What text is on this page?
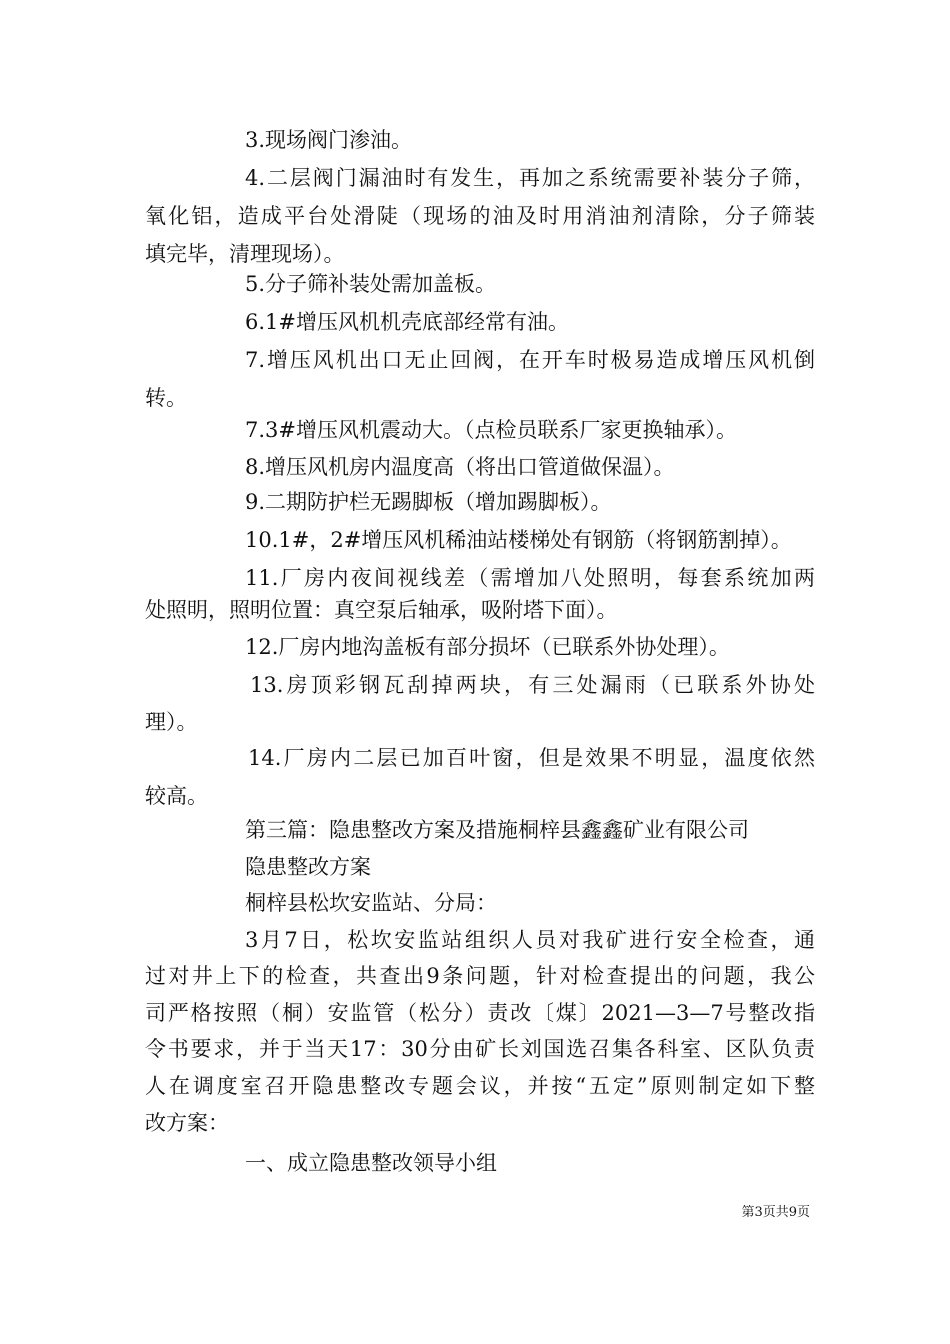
3.现场阀门渗油。
4.二层阀门漏油时有发生，再加之系统需要补装分子筛，
氧化铝，造成平台处滑陡（现场的油及时用消油剂清除，分子筛装
填完毕，清理现场）。
5.分子筛补装处需加盖板。
6.1#增压风机机壳底部经常有油。
7.增压风机出口无止回阀，在开车时极易造成增压风机倒
转。
7.3#增压风机震动大。（点检员联系厂家更换轴承）。
8.增压风机房内温度高（将出口管道做保温）。
9.二期防护栏无踢脚板（增加踢脚板）。
10.1#，2#增压风机稀油站楼梯处有钢筋（将钢筋割掉）。
11.厂房内夜间视线差（需增加八处照明，每套系统加两
处照明，照明位置：真空泵后轴承，吸附塔下面）。
12.厂房内地沟盖板有部分损坏（已联系外协处理）。
13.房顶彩钢瓦刮掉两块，有三处漏雨（已联系外协处
理）。
14.厂房内二层已加百叶窗，但是效果不明显，温度依然
较高。
第三篇：隐患整改方案及措施桐梓县鑫鑫矿业有限公司
隐患整改方案
桐梓县松坎安监站、分局：
3月7日，松坎安监站组织人员对我矿进行安全检查，通
过对井上下的检查，共查出9条问题，针对检查提出的问题，我公
司严格按照（桐）安监管（松分）责改〔煤〕2021—3—7号整改指
令书要求，并于当天17：30分由矿长刘国选召集各科室、区队负责
人在调度室召开隐患整改专题会议，并按“五定”原则制定如下整
改方案：
一、成立隐患整改领导小组
第3页共9页
